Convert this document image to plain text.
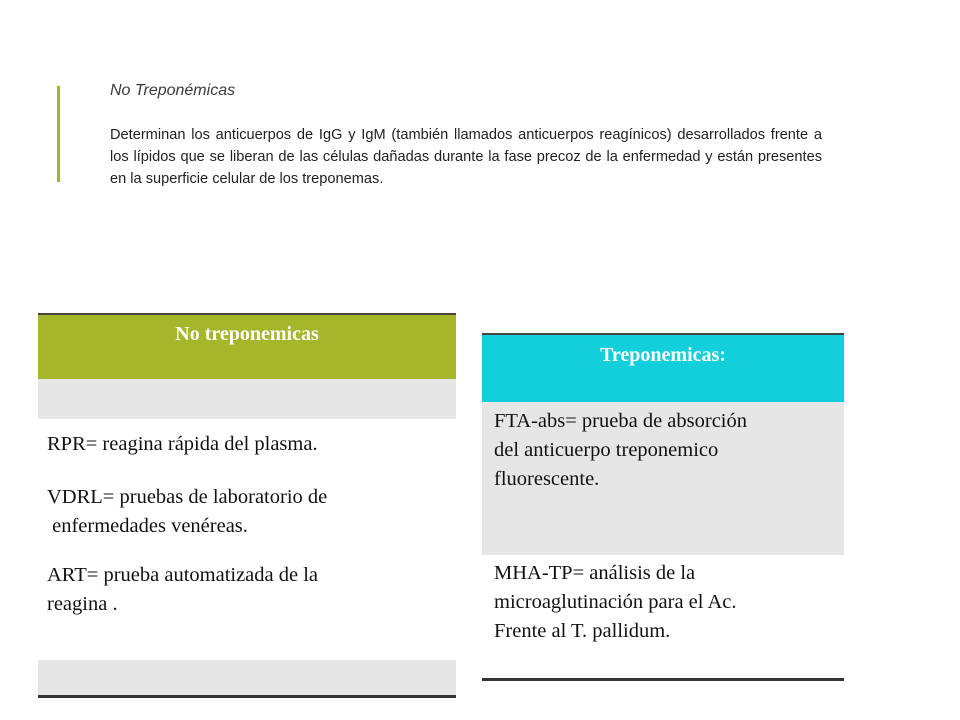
No Treponémicas
Determinan los anticuerpos de IgG y IgM (también llamados anticuerpos reagínicos) desarrollados frente a los lípidos que se liberan de las células dañadas durante la fase precoz de la enfermedad y están presentes en la superficie celular de los treponemas.
No treponemicas

RPR= reagina rápida del plasma.

VDRL= pruebas de laboratorio de

enfermedades venéreas.

ART= prueba automatizada de la

reagina .

Treponemicas:

FTA-abs= prueba de absorción

del anticuerpo treponemico

fluorescente.

MHA-TP= análisis de la

microaglutinación para el Ac.

Frente al T. pallidum.
